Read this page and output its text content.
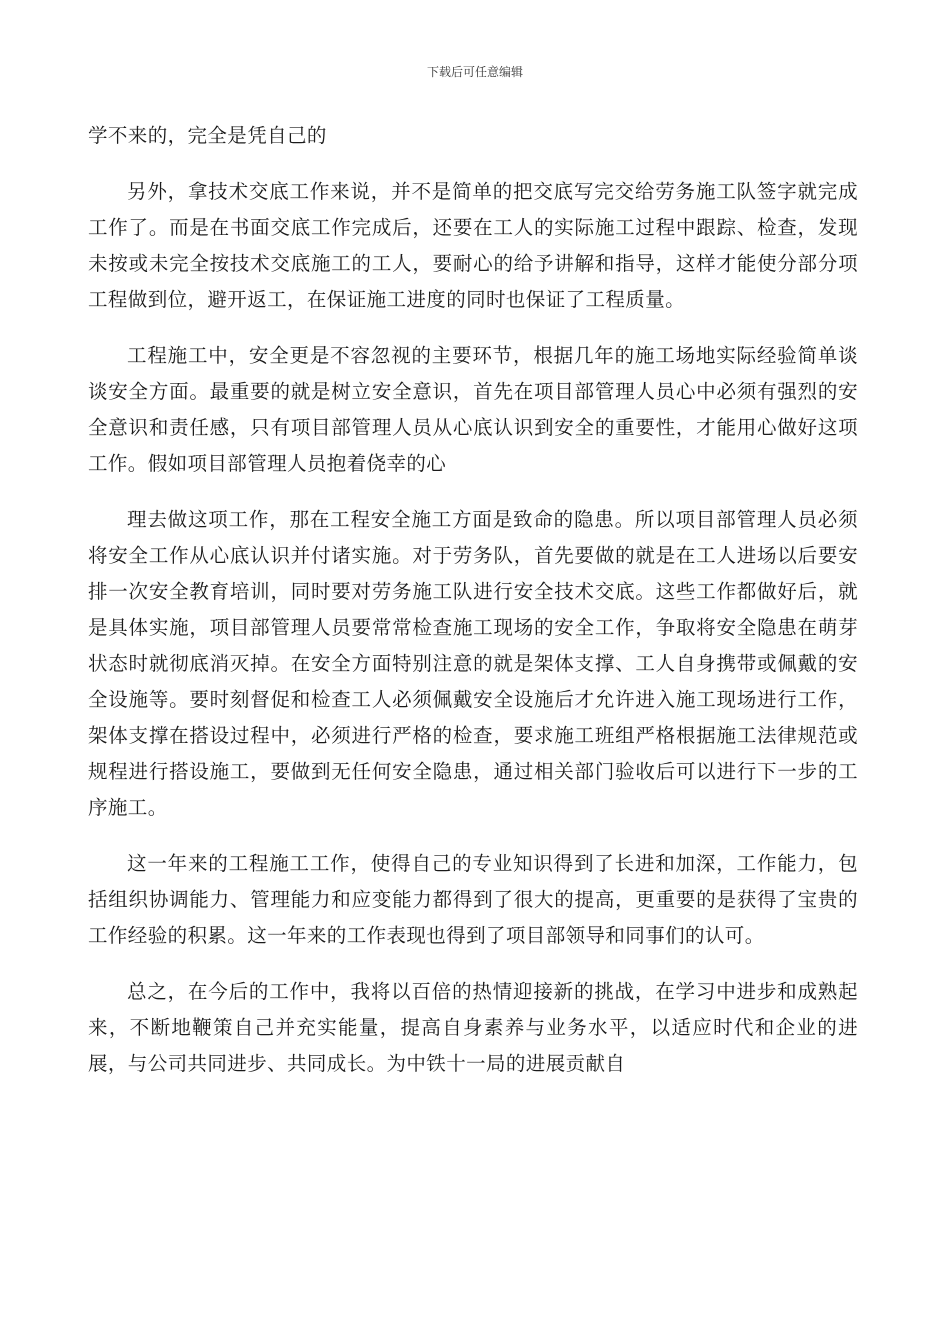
下载后可任意编辑

学不来的，完全是凭自己的

另外，拿技术交底工作来说，并不是简单的把交底写完交给劳务施工队签字就完成工作了。而是在书面交底工作完成后，还要在工人的实际施工过程中跟踪、检查，发现未按或未完全按技术交底施工的工人，要耐心的给予讲解和指导，这样才能使分部分项工程做到位，避开返工，在保证施工进度的同时也保证了工程质量。

工程施工中，安全更是不容忽视的主要环节，根据几年的施工场地实际经验简单谈谈安全方面。最重要的就是树立安全意识，首先在项目部管理人员心中必须有强烈的安全意识和责任感，只有项目部管理人员从心底认识到安全的重要性，才能用心做好这项工作。假如项目部管理人员抱着侥幸的心

理去做这项工作，那在工程安全施工方面是致命的隐患。所以项目部管理人员必须将安全工作从心底认识并付诸实施。对于劳务队，首先要做的就是在工人进场以后要安排一次安全教育培训，同时要对劳务施工队进行安全技术交底。这些工作都做好后，就是具体实施，项目部管理人员要常常检查施工现场的安全工作，争取将安全隐患在萌芽状态时就彻底消灭掉。在安全方面特别注意的就是架体支撑、工人自身携带或佩戴的安全设施等。要时刻督促和检查工人必须佩戴安全设施后才允许进入施工现场进行工作，架体支撑在搭设过程中，必须进行严格的检查，要求施工班组严格根据施工法律规范或规程进行搭设施工，要做到无任何安全隐患，通过相关部门验收后可以进行下一步的工序施工。

这一年来的工程施工工作，使得自己的专业知识得到了长进和加深，工作能力，包括组织协调能力、管理能力和应变能力都得到了很大的提高，更重要的是获得了宝贵的工作经验的积累。这一年来的工作表现也得到了项目部领导和同事们的认可。

总之，在今后的工作中，我将以百倍的热情迎接新的挑战，在学习中进步和成熟起来，不断地鞭策自己并充实能量，提高自身素养与业务水平，以适应时代和企业的进展，与公司共同进步、共同成长。为中铁十一局的进展贡献自
